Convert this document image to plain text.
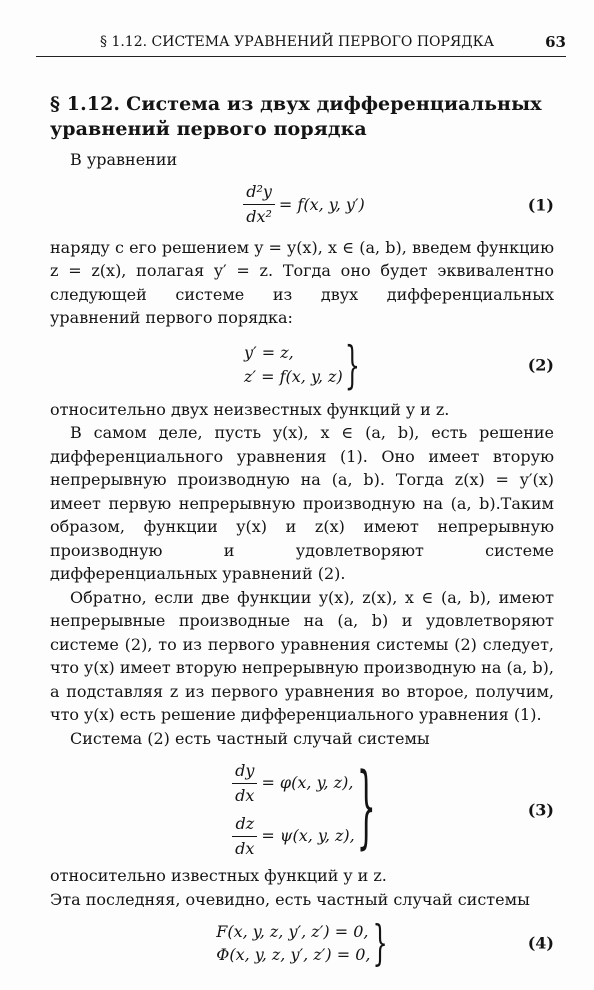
§ 1.12. СИСТЕМА УРАВНЕНИЙ ПЕРВОГО ПОРЯДКА	63
§ 1.12. Система из двух дифференциальных уравнений первого порядка

В уравнении

$\frac{\text{d²y}}{\text{dx²}} = f(x$, y, y′)	(1)

наряду с его решением y = y(x), x ∈ (a, b), введем функцию z = z(x), полагая y′ = z. Тогда оно будет эквивалентно следующей системе из двух дифференциальных уравнений первого порядка:

y′ = z,
z′ = f(x, y, z) }	(2)

относительно двух неизвестных функций y и z.

В самом деле, пусть y(x), x ∈ (a, b), есть решение дифференциального уравнения (1). Оно имеет вторую непрерывную производную на (a, b). Тогда z(x) = y′(x) имеет первую непрерывную производную на (a, b).Таким образом, функции y(x) и z(x) имеют непрерывную производную и удовлетворяют системе дифференциальных уравнений (2).

Обратно, если две функции y(x), z(x), x ∈ (a, b), имеют непрерывные производные на (a, b) и удовлетворяют системе (2), то из первого уравнения системы (2) следует, что y(x) имеет вторую непрерывную производную на (a, b), а подставляя z из первого уравнения во второе, получим, что y(x) есть решение дифференциального уравнения (1).

Система (2) есть частный случай системы

$\frac{dy}{dx} = \varphi(x$, y, z),
$\frac{dz}{dx} = \psi(x$, y, z), }	(3)

относительно известных функций y и z.

Эта последняя, очевидно, есть частный случай системы

F(x, y, z, y′, z′) = 0,
Φ(x, y, z, y′, z′) = 0, }	(4)
